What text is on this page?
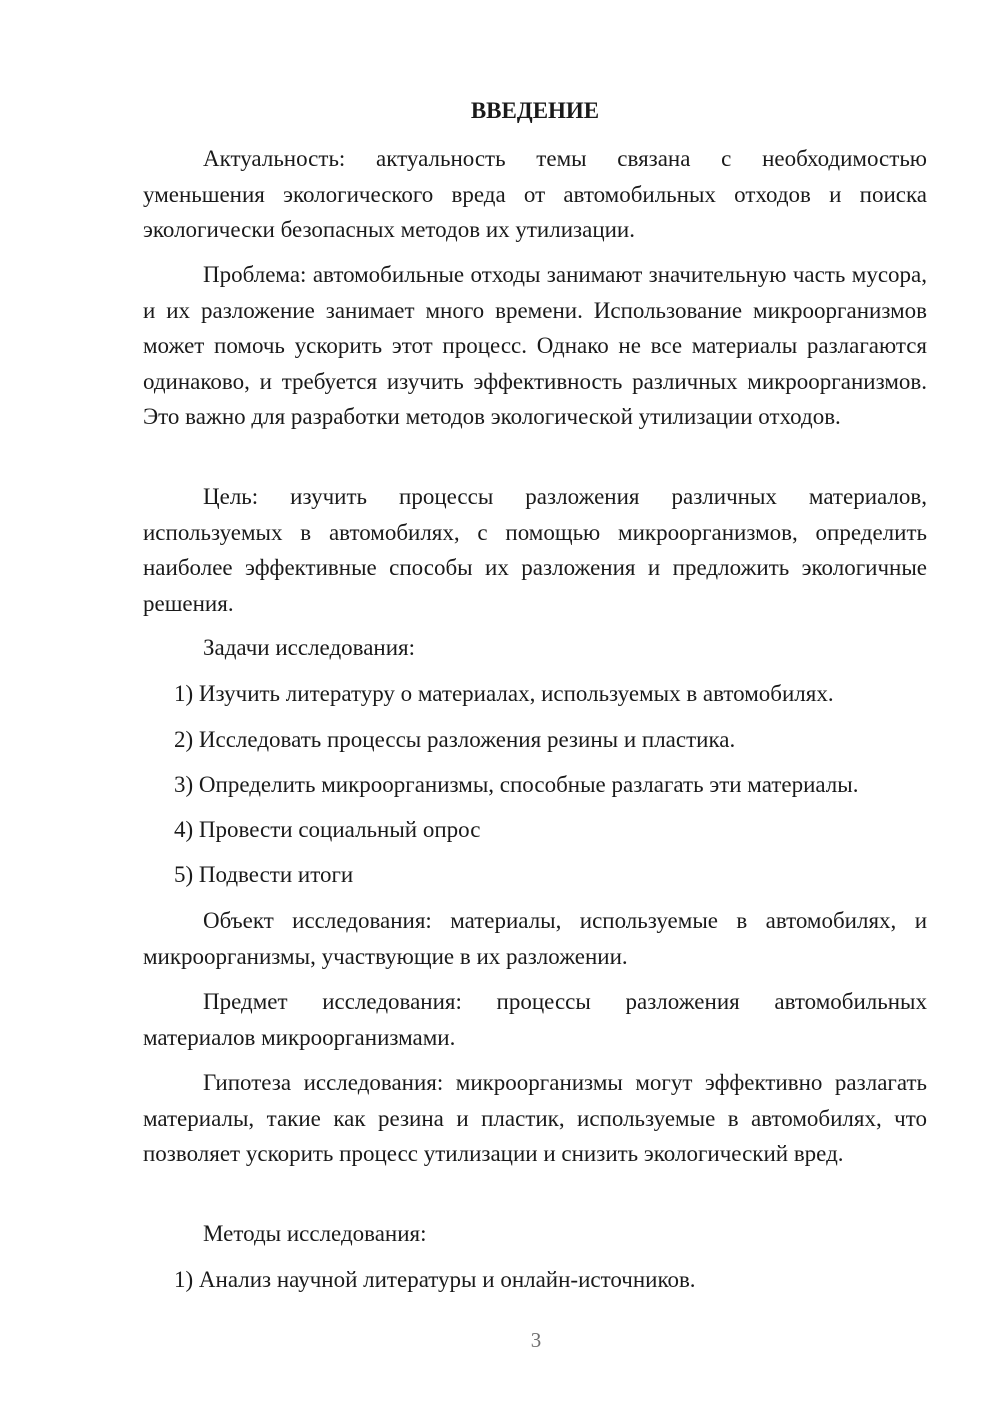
ВВЕДЕНИЕ

Актуальность: актуальность темы связана с необходимостью уменьшения экологического вреда от автомобильных отходов и поиска экологически безопасных методов их утилизации.

Проблема: автомобильные отходы занимают значительную часть мусора, и их разложение занимает много времени. Использование микроорганизмов может помочь ускорить этот процесс. Однако не все материалы разлагаются одинаково, и требуется изучить эффективность различных микроорганизмов. Это важно для разработки методов экологической утилизации отходов.

Цель: изучить процессы разложения различных материалов, используемых в автомобилях, с помощью микроорганизмов, определить наиболее эффективные способы их разложения и предложить экологичные решения.

Задачи исследования:

1) Изучить литературу о материалах, используемых в автомобилях.

2) Исследовать процессы разложения резины и пластика.

3) Определить микроорганизмы, способные разлагать эти материалы.

4) Провести социальный опрос

5) Подвести итоги

Объект исследования: материалы, используемые в автомобилях, и микроорганизмы, участвующие в их разложении.

Предмет исследования: процессы разложения автомобильных материалов микроорганизмами.

Гипотеза исследования: микроорганизмы могут эффективно разлагать материалы, такие как резина и пластик, используемые в автомобилях, что позволяет ускорить процесс утилизации и снизить экологический вред.

Методы исследования:

1) Анализ научной литературы и онлайн-источников.

3
